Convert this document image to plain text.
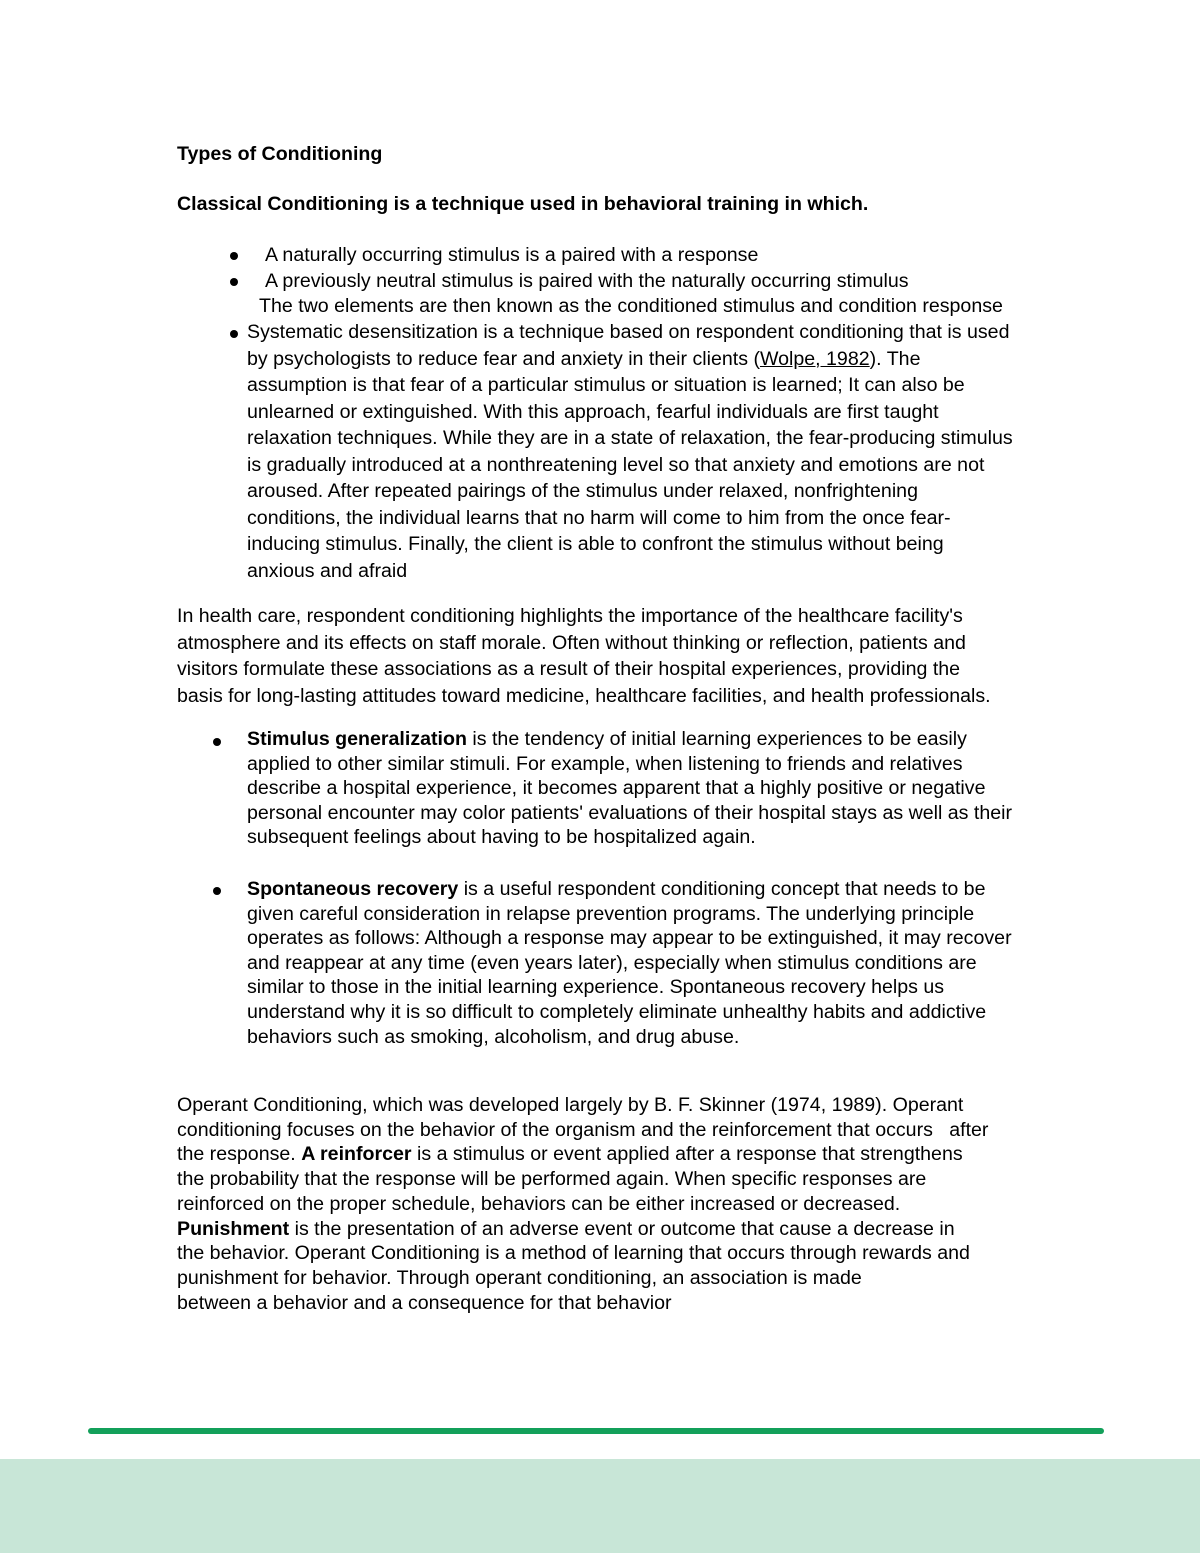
Types of Conditioning
Classical Conditioning is a technique used in behavioral training in which.
A naturally occurring stimulus is a paired with a response
A previously neutral stimulus is paired with the naturally occurring stimulus
The two elements are then known as the conditioned stimulus and condition response
Systematic desensitization is a technique based on respondent conditioning that is used
by psychologists to reduce fear and anxiety in their clients (Wolpe, 1982). The
assumption is that fear of a particular stimulus or situation is learned; It can also be
unlearned or extinguished. With this approach, fearful individuals are first taught
relaxation techniques. While they are in a state of relaxation, the fear-producing stimulus
is gradually introduced at a nonthreatening level so that anxiety and emotions are not
aroused. After repeated pairings of the stimulus under relaxed, nonfrightening
conditions, the individual learns that no harm will come to him from the once fear-
inducing stimulus. Finally, the client is able to confront the stimulus without being
anxious and afraid
In health care, respondent conditioning highlights the importance of the healthcare facility's
atmosphere and its effects on staff morale. Often without thinking or reflection, patients and
visitors formulate these associations as a result of their hospital experiences, providing the
basis for long-lasting attitudes toward medicine, healthcare facilities, and health professionals.
Stimulus generalization is the tendency of initial learning experiences to be easily
applied to other similar stimuli. For example, when listening to friends and relatives
describe a hospital experience, it becomes apparent that a highly positive or negative
personal encounter may color patients' evaluations of their hospital stays as well as their
subsequent feelings about having to be hospitalized again.
Spontaneous recovery is a useful respondent conditioning concept that needs to be
given careful consideration in relapse prevention programs. The underlying principle
operates as follows: Although a response may appear to be extinguished, it may recover
and reappear at any time (even years later), especially when stimulus conditions are
similar to those in the initial learning experience. Spontaneous recovery helps us
understand why it is so difficult to completely eliminate unhealthy habits and addictive
behaviors such as smoking, alcoholism, and drug abuse.
Operant Conditioning, which was developed largely by B. F. Skinner (1974, 1989). Operant
conditioning focuses on the behavior of the organism and the reinforcement that occurs   after
the response. A reinforcer is a stimulus or event applied after a response that strengthens
the probability that the response will be performed again. When specific responses are
reinforced on the proper schedule, behaviors can be either increased or decreased.
Punishment is the presentation of an adverse event or outcome that cause a decrease in
the behavior. Operant Conditioning is a method of learning that occurs through rewards and
punishment for behavior. Through operant conditioning, an association is made
between a behavior and a consequence for that behavior
